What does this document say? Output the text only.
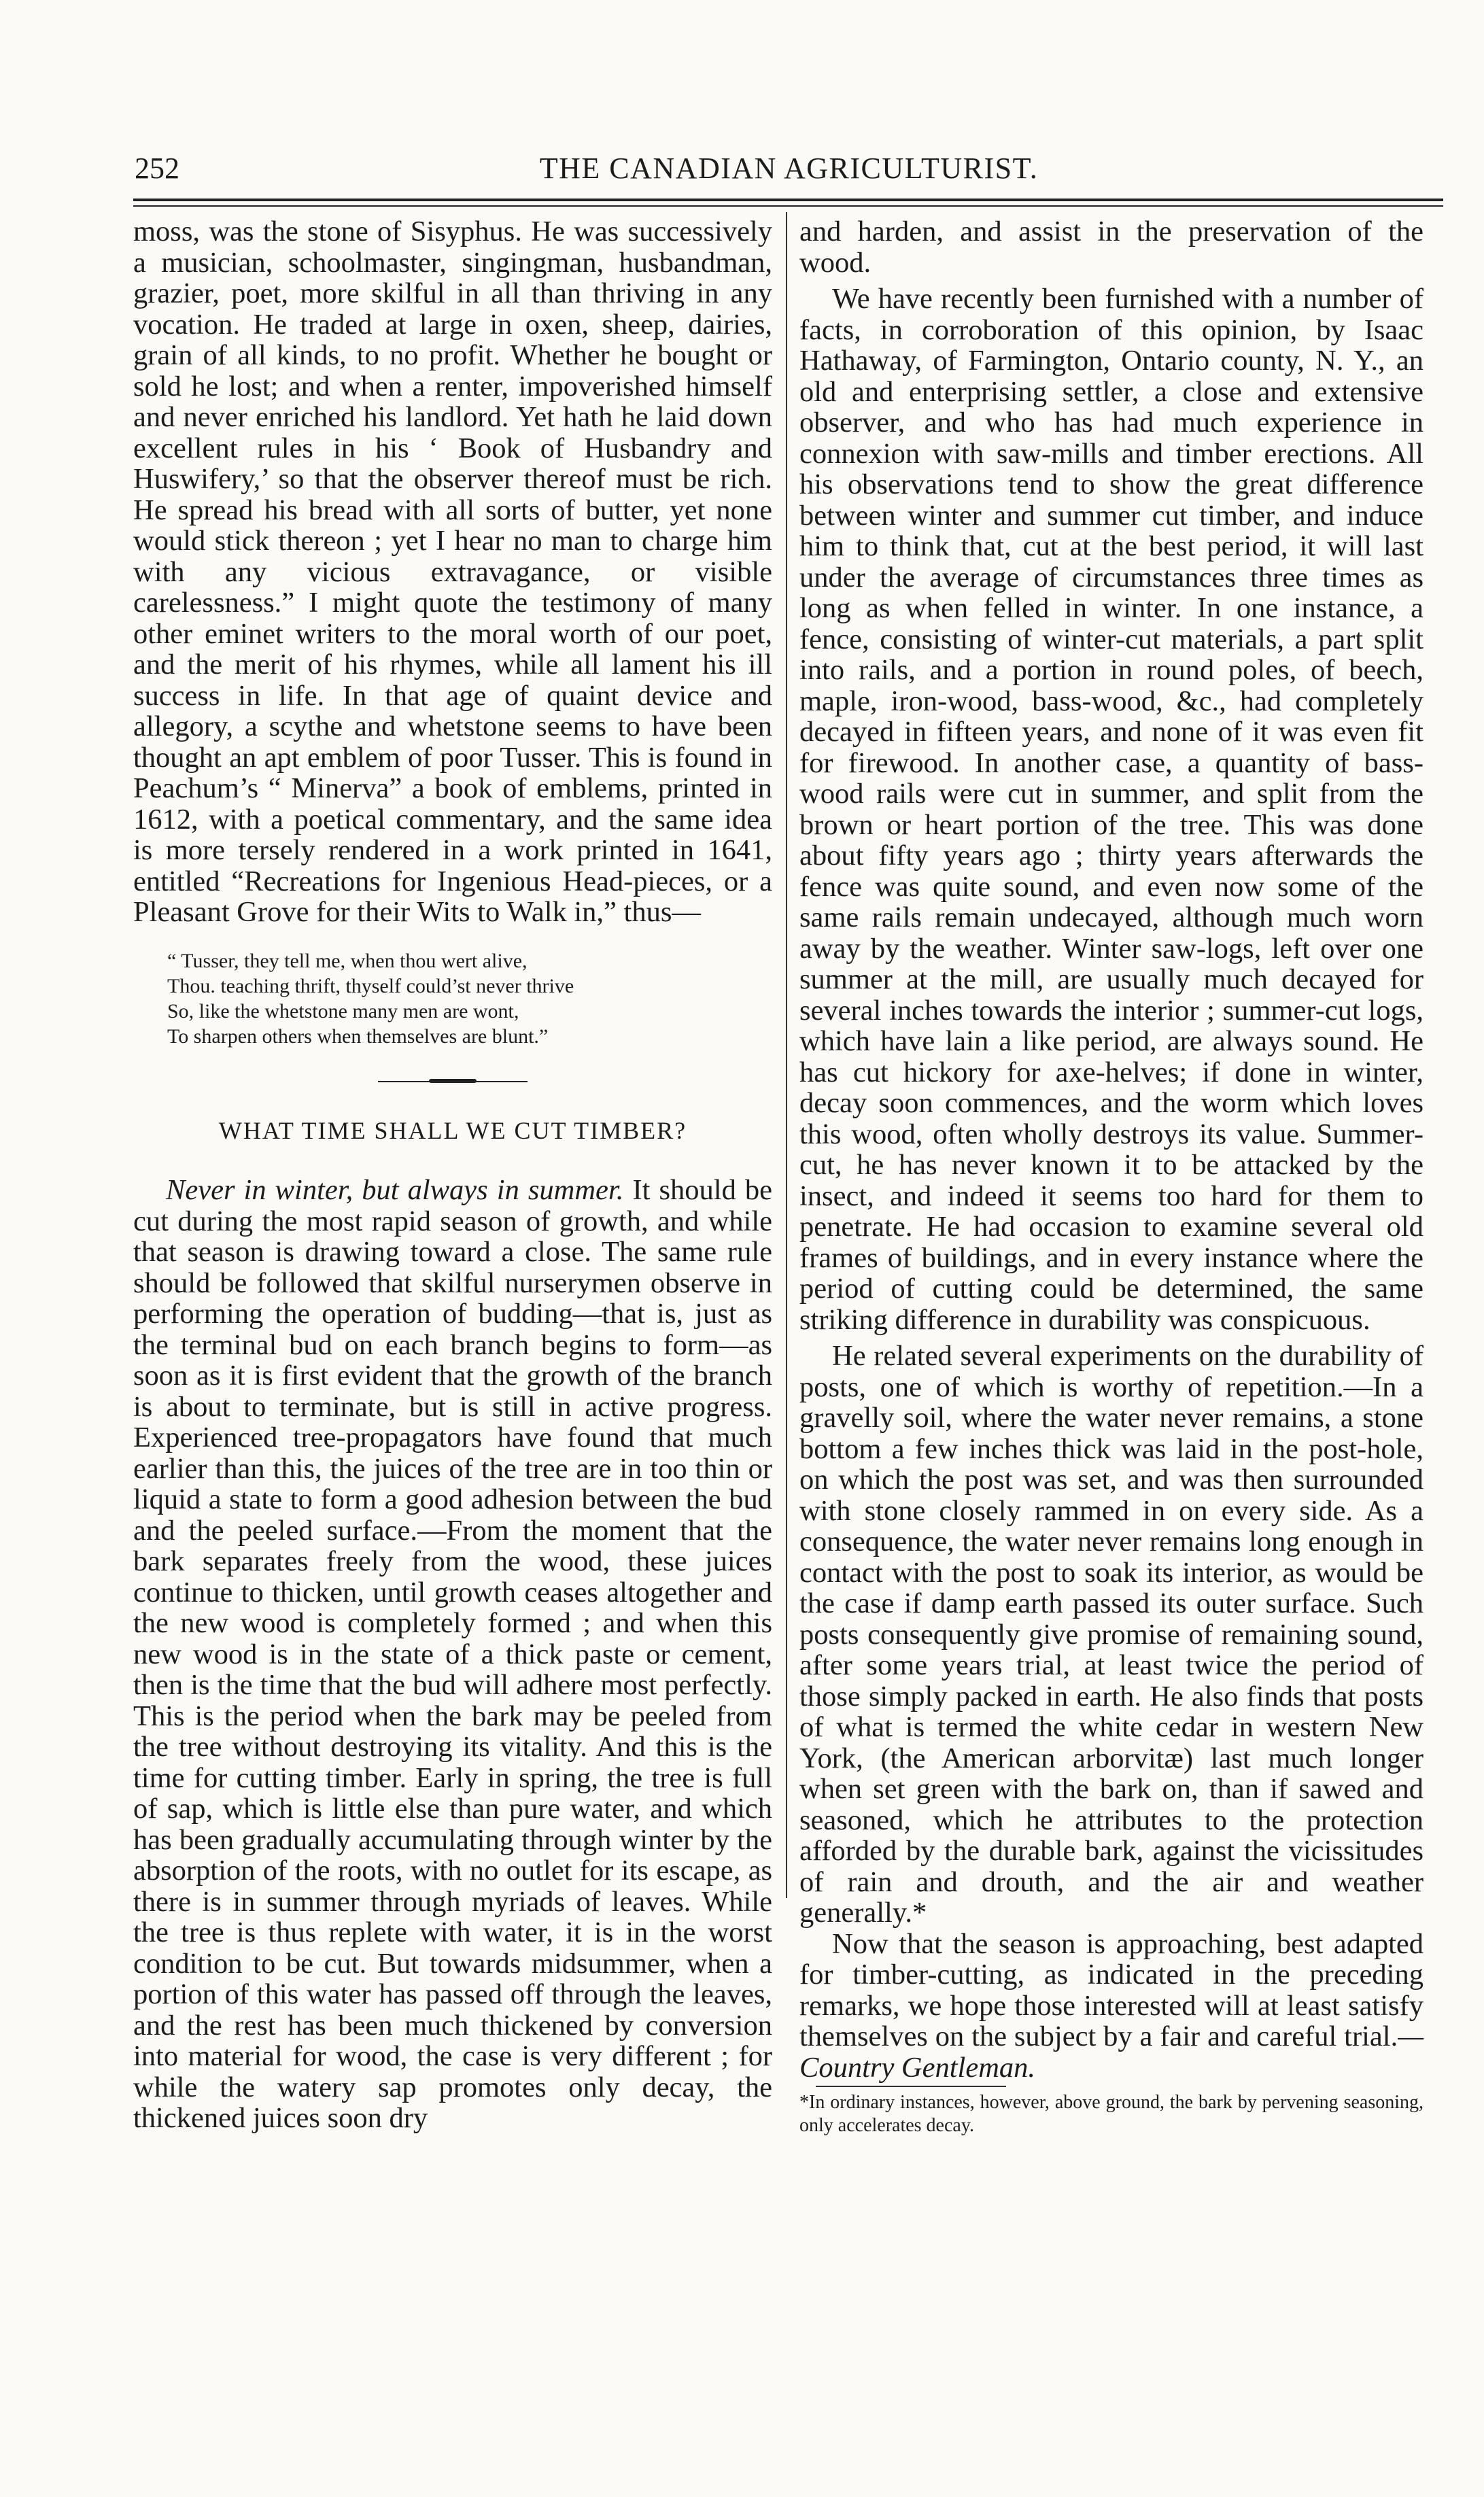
252	THE CANADIAN AGRICULTURIST.

moss, was the stone of Sisyphus. He was successively a musician, schoolmaster, singingman, husbandman, grazier, poet, more skilful in all than thriving in any vocation. He traded at large in oxen, sheep, dairies, grain of all kinds, to no profit. Whether he bought or sold he lost; and when a renter, impoverished himself and never enriched his landlord. Yet hath he laid down excellent rules in his ‘ Book of Husbandry and Huswifery,’ so that the observer thereof must be rich. He spread his bread with all sorts of butter, yet none would stick thereon ; yet I hear no man to charge him with any vicious extravagance, or visible carelessness.” I might quote the testimony of many other eminet writers to the moral worth of our poet, and the merit of his rhymes, while all lament his ill success in life. In that age of quaint device and allegory, a scythe and whetstone seems to have been thought an apt emblem of poor Tusser. This is found in Peachum’s “ Minerva” a book of emblems, printed in 1612, with a poetical commentary, and the same idea is more tersely rendered in a work printed in 1641, entitled “Recreations for Ingenious Head-pieces, or a Pleasant Grove for their Wits to Walk in,” thus—

“ Tusser, they tell me, when thou wert alive,
Thou. teaching thrift, thyself could’st never thrive
So, like the whetstone many men are wont,
To sharpen others when themselves are blunt.”
WHAT TIME SHALL WE CUT TIMBER?

Never in winter, but always in summer. It should be cut during the most rapid season of growth, and while that season is drawing toward a close. The same rule should be followed that skilful nurserymen observe in performing the operation of budding—that is, just as the terminal bud on each branch begins to form—as soon as it is first evident that the growth of the branch is about to terminate, but is still in active progress. Experienced tree-propagators have found that much earlier than this, the juices of the tree are in too thin or liquid a state to form a good adhesion between the bud and the peeled surface.—From the moment that the bark separates freely from the wood, these juices continue to thicken, until growth ceases altogether and the new wood is completely formed ; and when this new wood is in the state of a thick paste or cement, then is the time that the bud will adhere most perfectly. This is the period when the bark may be peeled from the tree without destroying its vitality. And this is the time for cutting timber. Early in spring, the tree is full of sap, which is little else than pure water, and which has been gradually accumulating through winter by the absorption of the roots, with no outlet for its escape, as there is in summer through myriads of leaves. While the tree is thus replete with water, it is in the worst condition to be cut. But towards midsummer, when a portion of this water has passed off through the leaves, and the rest has been much thickened by conversion into material for wood, the case is very different ; for while the watery sap promotes only decay, the thickened juices soon dry

and harden, and assist in the preservation of the wood.

We have recently been furnished with a number of facts, in corroboration of this opinion, by Isaac Hathaway, of Farmington, Ontario county, N. Y., an old and enterprising settler, a close and extensive observer, and who has had much experience in connexion with saw-mills and timber erections. All his observations tend to show the great difference between winter and summer cut timber, and induce him to think that, cut at the best period, it will last under the average of circumstances three times as long as when felled in winter. In one instance, a fence, consisting of winter-cut materials, a part split into rails, and a portion in round poles, of beech, maple, iron-wood, bass-wood, &c., had completely decayed in fifteen years, and none of it was even fit for firewood. In another case, a quantity of bass-wood rails were cut in summer, and split from the brown or heart portion of the tree. This was done about fifty years ago ; thirty years afterwards the fence was quite sound, and even now some of the same rails remain undecayed, although much worn away by the weather. Winter saw-logs, left over one summer at the mill, are usually much decayed for several inches towards the interior ; summer-cut logs, which have lain a like period, are always sound. He has cut hickory for axe-helves; if done in winter, decay soon commences, and the worm which loves this wood, often wholly destroys its value. Summer-cut, he has never known it to be attacked by the insect, and indeed it seems too hard for them to penetrate. He had occasion to examine several old frames of buildings, and in every instance where the period of cutting could be determined, the same striking difference in durability was conspicuous.

He related several experiments on the durability of posts, one of which is worthy of repetition.—In a gravelly soil, where the water never remains, a stone bottom a few inches thick was laid in the post-hole, on which the post was set, and was then surrounded with stone closely rammed in on every side. As a consequence, the water never remains long enough in contact with the post to soak its interior, as would be the case if damp earth passed its outer surface. Such posts consequently give promise of remaining sound, after some years trial, at least twice the period of those simply packed in earth. He also finds that posts of what is termed the white cedar in western New York, (the American arborvitæ) last much longer when set green with the bark on, than if sawed and seasoned, which he attributes to the protection afforded by the durable bark, against the vicissitudes of rain and drouth, and the air and weather generally.*

Now that the season is approaching, best adapted for timber-cutting, as indicated in the preceding remarks, we hope those interested will at least satisfy themselves on the subject by a fair and careful trial.—Country Gentleman.

*In ordinary instances, however, above ground, the bark by pervening seasoning, only accelerates decay.
